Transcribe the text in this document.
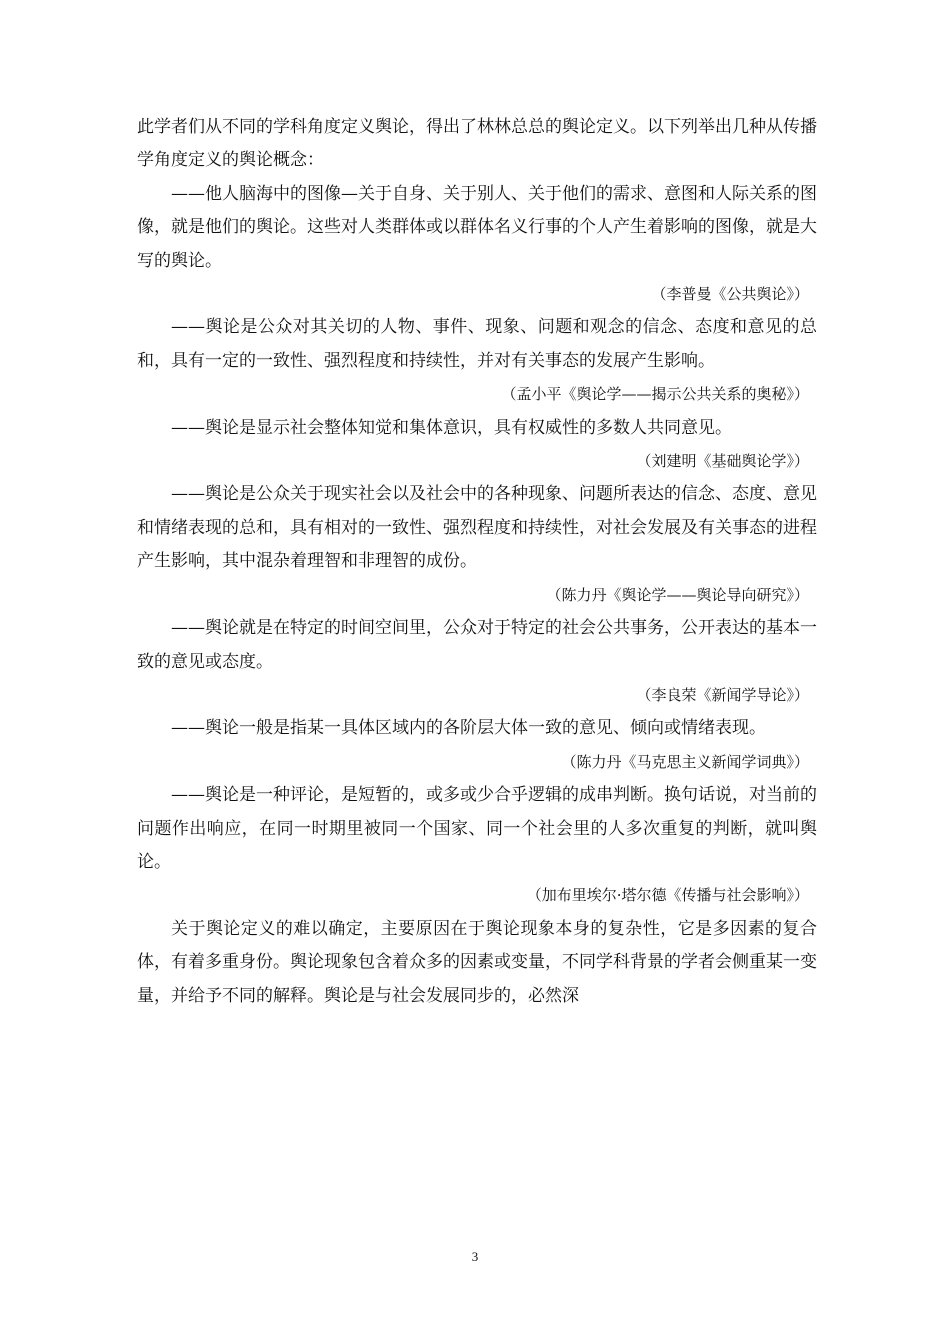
此学者们从不同的学科角度定义舆论，得出了林林总总的舆论定义。以下列举出几种从传播学角度定义的舆论概念：

——他人脑海中的图像—关于自身、关于别人、关于他们的需求、意图和人际关系的图像，就是他们的舆论。这些对人类群体或以群体名义行事的个人产生着影响的图像，就是大写的舆论。

（李普曼《公共舆论》）

——舆论是公众对其关切的人物、事件、现象、问题和观念的信念、态度和意见的总和，具有一定的一致性、强烈程度和持续性，并对有关事态的发展产生影响。

（孟小平《舆论学——揭示公共关系的奥秘》）

——舆论是显示社会整体知觉和集体意识，具有权威性的多数人共同意见。

（刘建明《基础舆论学》）

——舆论是公众关于现实社会以及社会中的各种现象、问题所表达的信念、态度、意见和情绪表现的总和，具有相对的一致性、强烈程度和持续性，对社会发展及有关事态的进程产生影响，其中混杂着理智和非理智的成份。

（陈力丹《舆论学——舆论导向研究》）

——舆论就是在特定的时间空间里，公众对于特定的社会公共事务，公开表达的基本一致的意见或态度。

（李良荣《新闻学导论》）

——舆论一般是指某一具体区域内的各阶层大体一致的意见、倾向或情绪表现。

（陈力丹《马克思主义新闻学词典》）

——舆论是一种评论，是短暂的，或多或少合乎逻辑的成串判断。换句话说，对当前的问题作出响应，在同一时期里被同一个国家、同一个社会里的人多次重复的判断，就叫舆论。

（加布里埃尔·塔尔德《传播与社会影响》）

关于舆论定义的难以确定，主要原因在于舆论现象本身的复杂性，它是多因素的复合体，有着多重身份。舆论现象包含着众多的因素或变量，不同学科背景的学者会侧重某一变量，并给予不同的解释。舆论是与社会发展同步的，必然深

3
